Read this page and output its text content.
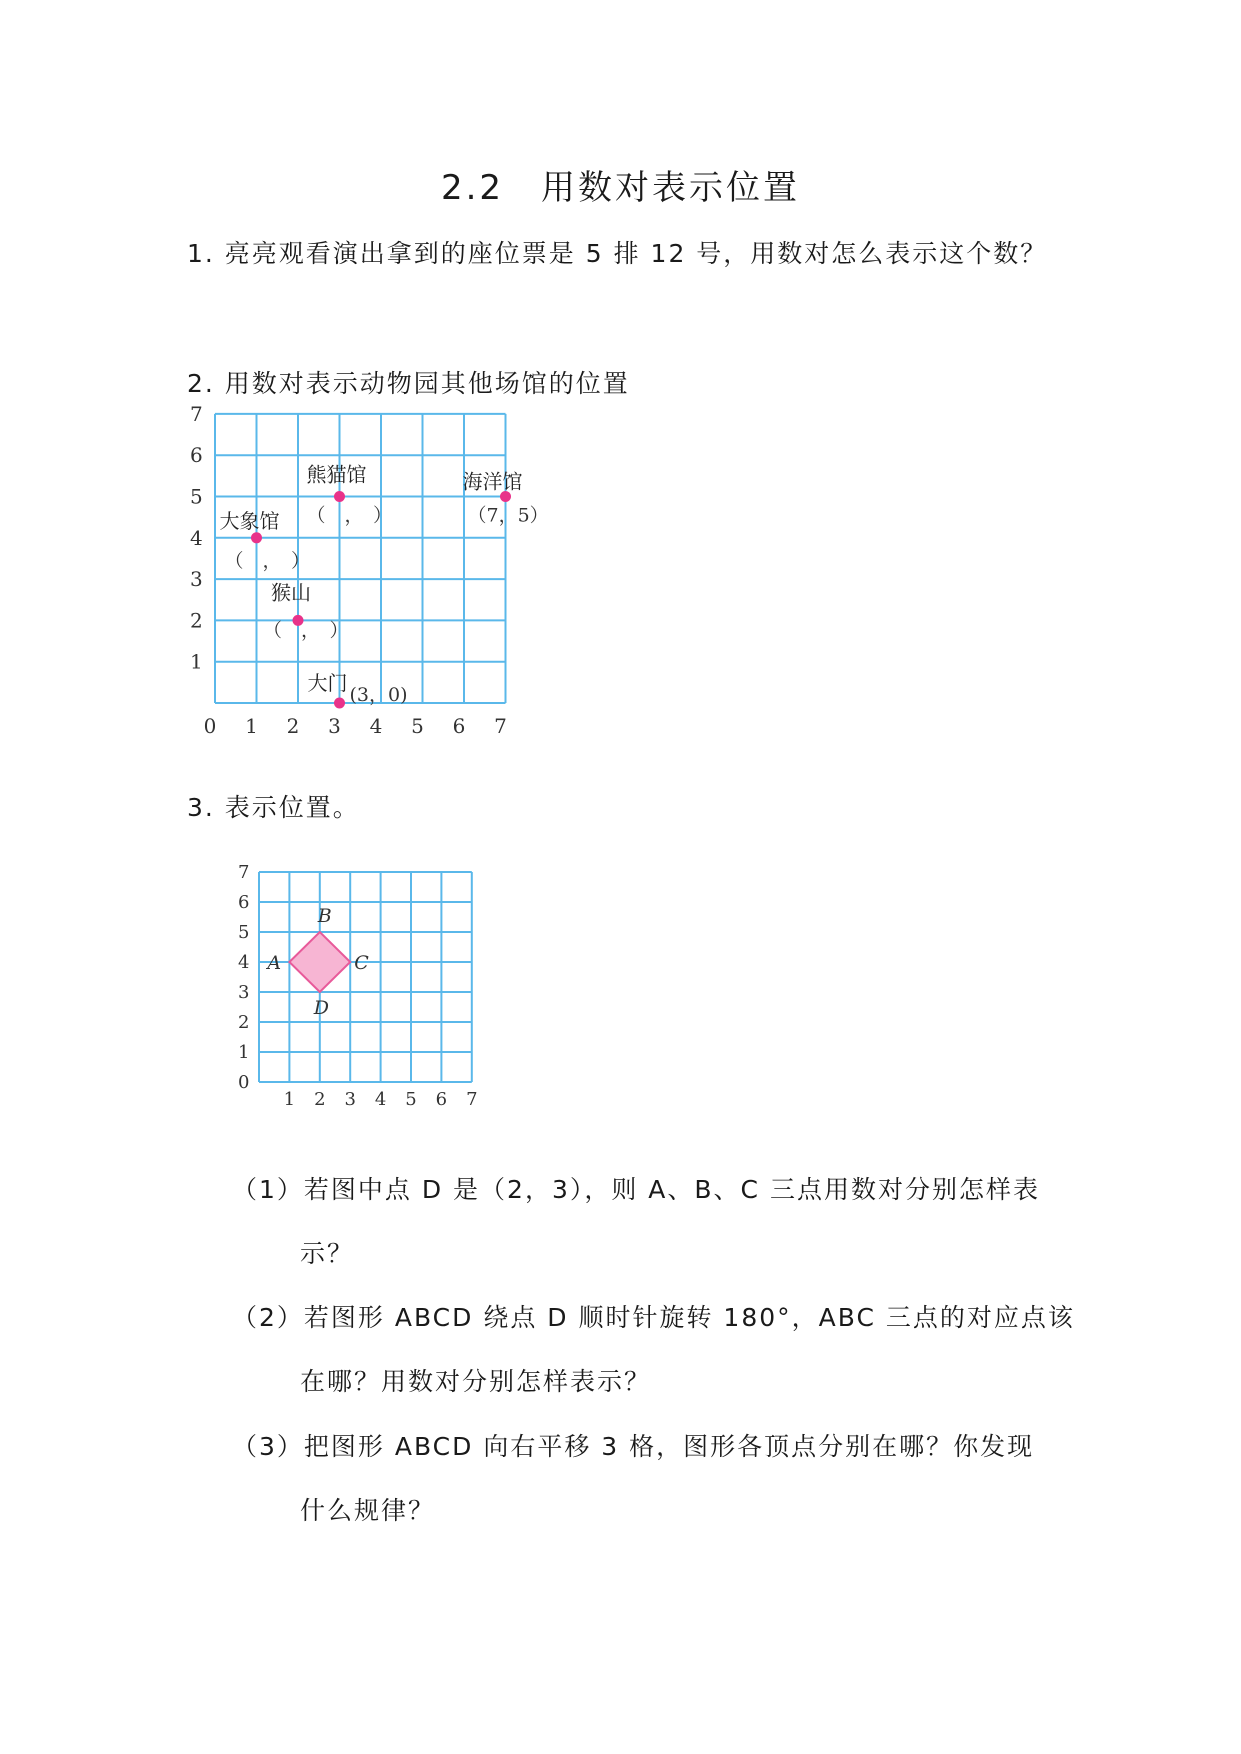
2.2　用数对表示位置
1. 亮亮观看演出拿到的座位票是 5 排 12 号，用数对怎么表示这个数？
2. 用数对表示动物园其他场馆的位置
0 1 2 3 4 5 6 7
1
2
3
4
5
6
7
熊猫馆
（　，　）
海洋馆
（7，5）
大象馆
（　，　）
猴山
（　，　）
大门 (3，0)
3. 表示位置。
1 2 3 4 5 6 7
0
1
2
3
4
5
6
7
A
B
C
D
（1）若图中点 D 是（2，3），则 A、B、C 三点用数对分别怎样表
示？
（2）若图形 ABCD 绕点 D 顺时针旋转 180°，ABC 三点的对应点该
在哪？用数对分别怎样表示？
（3）把图形 ABCD 向右平移 3 格，图形各顶点分别在哪？你发现
什么规律？
